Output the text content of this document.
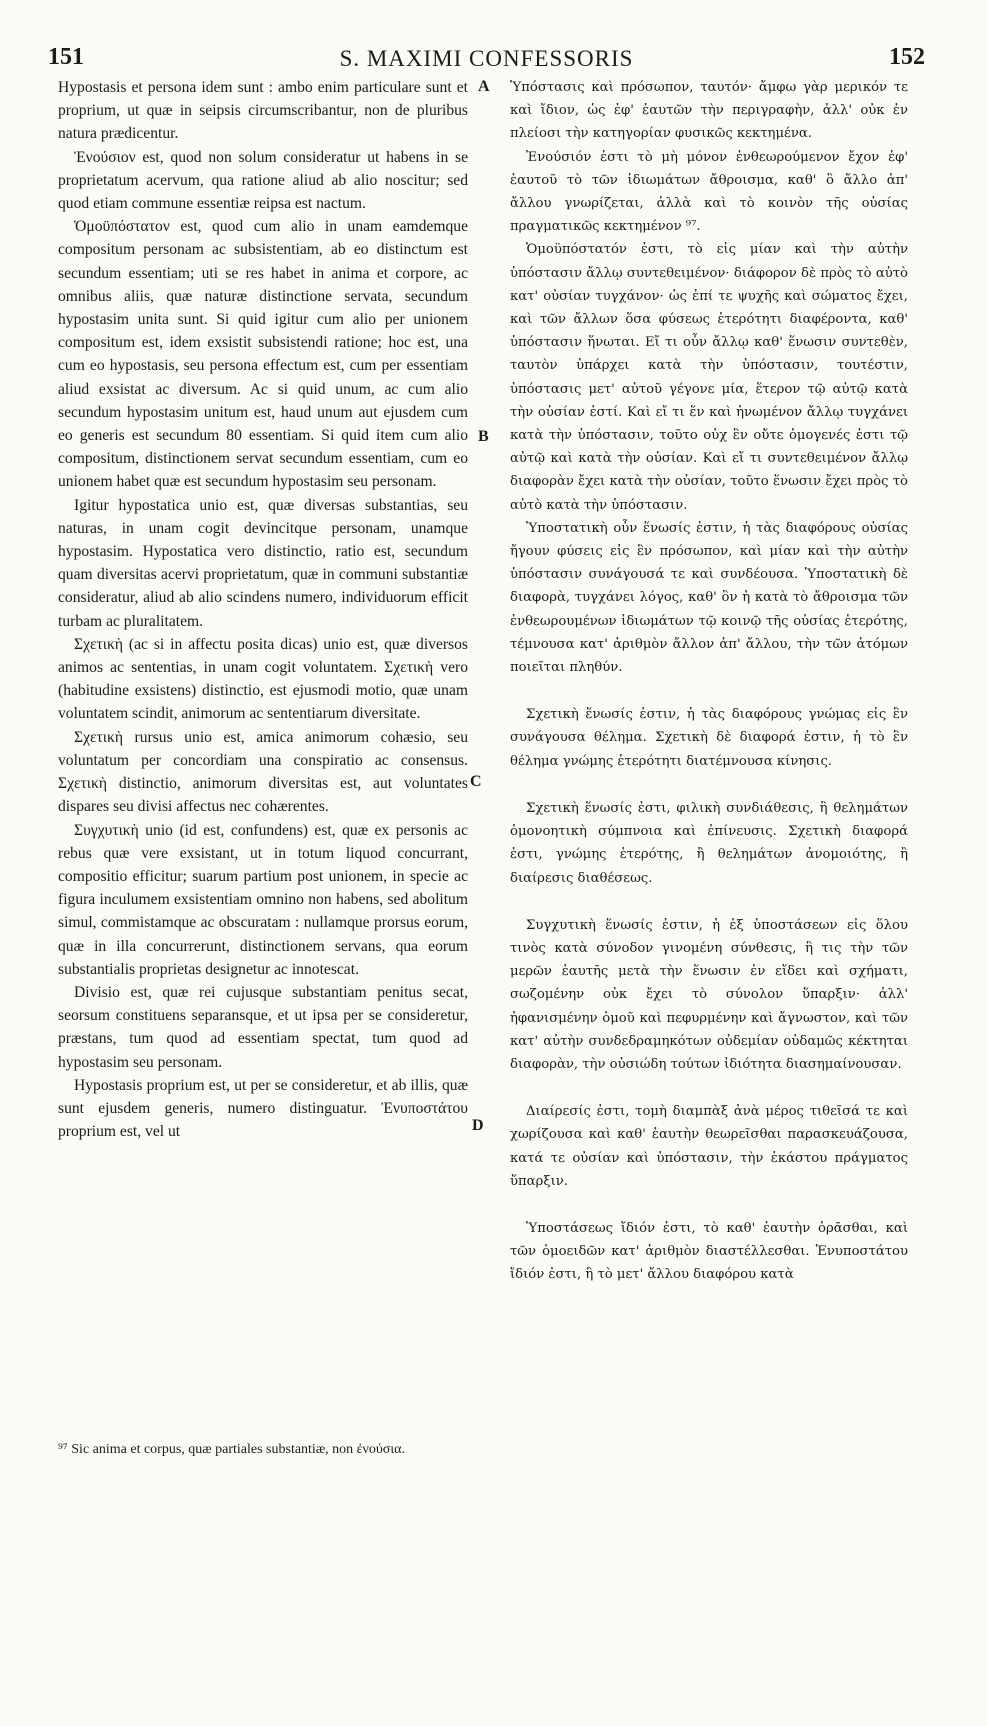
151	S. MAXIMI CONFESSORIS	152

Hypostasis et persona idem sunt : ambo enim particulare sunt et proprium, ut quæ in seipsis circumscribantur, non de pluribus natura prædicentur.

Ἐνούσιον est, quod non solum consideratur ut habens in se proprietatum acervum, qua ratione aliud ab alio noscitur; sed quod etiam commune essentiæ reipsa est nactum.

Ὁμοϋπόστατον est, quod cum alio in unam eamdemque compositum personam ac subsistentiam, ab eo distinctum est secundum essentiam; uti se res habet in anima et corpore, ac omnibus aliis, quæ naturæ distinctione servata, secundum hypostasim unita sunt. Si quid igitur cum alio per unionem compositum est, idem exsistit subsistendi ratione; hoc est, una cum eo hypostasis, seu persona effectum est, cum per essentiam aliud exsistat ac diversum. Ac si quid unum, ac cum alio secundum hypostasim unitum est, haud unum aut ejusdem cum eo generis est secundum 80 essentiam. Si quid item cum alio compositum, distinctionem servat secundum essentiam, cum eo unionem habet quæ est secundum hypostasim seu personam.

Igitur hypostatica unio est, quæ diversas substantias, seu naturas, in unam cogit devincitque personam, unamque hypostasim. Hypostatica vero distinctio, ratio est, secundum quam diversitas acervi proprietatum, quæ in communi substantiæ consideratur, aliud ab alio scindens numero, individuorum efficit turbam ac pluralitatem.

Σχετικὴ (ac si in affectu posita dicas) unio est, quæ diversos animos ac sententias, in unam cogit voluntatem. Σχετικὴ vero (habitudine exsistens) distinctio, est ejusmodi motio, quæ unam voluntatem scindit, animorum ac sententiarum diversitate.

Σχετικὴ rursus unio est, amica animorum cohæsio, seu voluntatum per concordiam una conspiratio ac consensus. Σχετικὴ distinctio, animorum diversitas est, aut voluntates dispares seu divisi affectus nec cohærentes.

Συγχυτικὴ unio (id est, confundens) est, quæ ex personis ac rebus quæ vere exsistant, ut in totum liquod concurrant, compositio efficitur; suarum partium post unionem, in specie ac figura inculumem exsistentiam omnino non habens, sed abolitum simul, commistamque ac obscuratam : nullamque prorsus eorum, quæ in illa concurrerunt, distinctionem servans, qua eorum substantialis proprietas designetur ac innotescat.

Divisio est, quæ rei cujusque substantiam penitus secat, seorsum constituens separansque, et ut ipsa per se consideretur, præstans, tum quod ad essentiam spectat, tum quod ad hypostasim seu personam.

Hypostasis proprium est, ut per se consideretur, et ab illis, quæ sunt ejusdem generis, numero distinguatur. Ἐνυποστάτου proprium est, vel ut

A
B
C
D

Ὑπόστασις καὶ πρόσωπον, ταυτόν· ἄμφω γὰρ μερικόν τε καὶ ἴδιον, ὡς ἐφ' ἑαυτῶν τὴν περιγραφὴν, ἀλλ' οὐκ ἐν πλείοσι τὴν κατηγορίαν φυσικῶς κεκτημένα.

Ἐνούσιόν ἐστι τὸ μὴ μόνον ἐνθεωρούμενον ἔχον ἐφ' ἑαυτοῦ τὸ τῶν ἰδιωμάτων ἄθροισμα, καθ' ὃ ἄλλο ἀπ' ἄλλου γνωρίζεται, ἀλλὰ καὶ τὸ κοινὸν τῆς οὐσίας πραγματικῶς κεκτημένον ⁹⁷.

Ὁμοϋπόστατόν ἐστι, τὸ εἰς μίαν καὶ τὴν αὐτὴν ὑπόστασιν ἄλλῳ συντεθειμένον· διάφορον δὲ πρὸς τὸ αὐτὸ κατ' οὐσίαν τυγχάνον· ὡς ἐπί τε ψυχῆς καὶ σώματος ἔχει, καὶ τῶν ἄλλων ὅσα φύσεως ἑτερότητι διαφέροντα, καθ' ὑπόστασιν ἥνωται. Εἴ τι οὖν ἄλλῳ καθ' ἕνωσιν συντεθὲν, ταυτὸν ὑπάρχει κατὰ τὴν ὑπόστασιν, τουτέστιν, ὑπόστασις μετ' αὐτοῦ γέγονε μία, ἕτερον τῷ αὐτῷ κατὰ τὴν οὐσίαν ἐστί. Καὶ εἴ τι ἕν καὶ ἡνωμένον ἄλλῳ τυγχάνει κατὰ τὴν ὑπόστασιν, τοῦτο οὐχ ἓν οὔτε ὁμογενές ἐστι τῷ αὐτῷ καὶ κατὰ τὴν οὐσίαν. Καὶ εἴ τι συντεθειμένον ἄλλῳ διαφορὰν ἔχει κατὰ τὴν οὐσίαν, τοῦτο ἕνωσιν ἔχει πρὸς τὸ αὐτὸ κατὰ τὴν ὑπόστασιν.

Ὑποστατικὴ οὖν ἕνωσίς ἐστιν, ἡ τὰς διαφόρους οὐσίας ἤγουν φύσεις εἰς ἓν πρόσωπον, καὶ μίαν καὶ τὴν αὐτὴν ὑπόστασιν συνάγουσά τε καὶ συνδέουσα. Ὑποστατικὴ δὲ διαφορὰ, τυγχάνει λόγος, καθ' ὃν ἡ κατὰ τὸ ἄθροισμα τῶν ἐνθεωρουμένων ἰδιωμάτων τῷ κοινῷ τῆς οὐσίας ἑτερότης, τέμνουσα κατ' ἀριθμὸν ἄλλον ἀπ' ἄλλου, τὴν τῶν ἀτόμων ποιεῖται πληθύν.

Σχετικὴ ἕνωσίς ἐστιν, ἡ τὰς διαφόρους γνώμας εἰς ἓν συνάγουσα θέλημα. Σχετικὴ δὲ διαφορά ἐστιν, ἡ τὸ ἓν θέλημα γνώμης ἑτερότητι διατέμνουσα κίνησις.

Σχετικὴ ἕνωσίς ἐστι, φιλικὴ συνδιάθεσις, ἢ θελημάτων ὁμονοητικὴ σύμπνοια καὶ ἐπίνευσις. Σχετικὴ διαφορά ἐστι, γνώμης ἑτερότης, ἢ θελημάτων ἀνομοιότης, ἢ διαίρεσις διαθέσεως.

Συγχυτικὴ ἕνωσίς ἐστιν, ἡ ἐξ ὑποστάσεων εἰς ὅλου τινὸς κατὰ σύνοδον γινομένη σύνθεσις, ἣ τις τὴν τῶν μερῶν ἑαυτῆς μετὰ τὴν ἕνωσιν ἐν εἴδει καὶ σχήματι, σωζομένην οὐκ ἔχει τὸ σύνολον ὕπαρξιν· ἀλλ' ἠφανισμένην ὁμοῦ καὶ πεφυρμένην καὶ ἄγνωστον, καὶ τῶν κατ' αὐτὴν συνδεδραμηκότων οὐδεμίαν οὐδαμῶς κέκτηται διαφορὰν, τὴν οὐσιώδη τούτων ἰδιότητα διασημαίνουσαν.

Διαίρεσίς ἐστι, τομὴ διαμπὰξ ἀνὰ μέρος τιθεῖσά τε καὶ χωρίζουσα καὶ καθ' ἑαυτὴν θεωρεῖσθαι παρασκευάζουσα, κατά τε οὐσίαν καὶ ὑπόστασιν, τὴν ἑκάστου πράγματος ὕπαρξιν.

Ὑποστάσεως ἴδιόν ἐστι, τὸ καθ' ἑαυτὴν ὁρᾶσθαι, καὶ τῶν ὁμοειδῶν κατ' ἀριθμὸν διαστέλλεσθαι. Ἐνυποστάτου ἴδιόν ἐστι, ἢ τὸ μετ' ἄλλου διαφόρου κατὰ

⁹⁷ Sic anima et corpus, quæ partiales substantiæ, non ἐνούσια.
